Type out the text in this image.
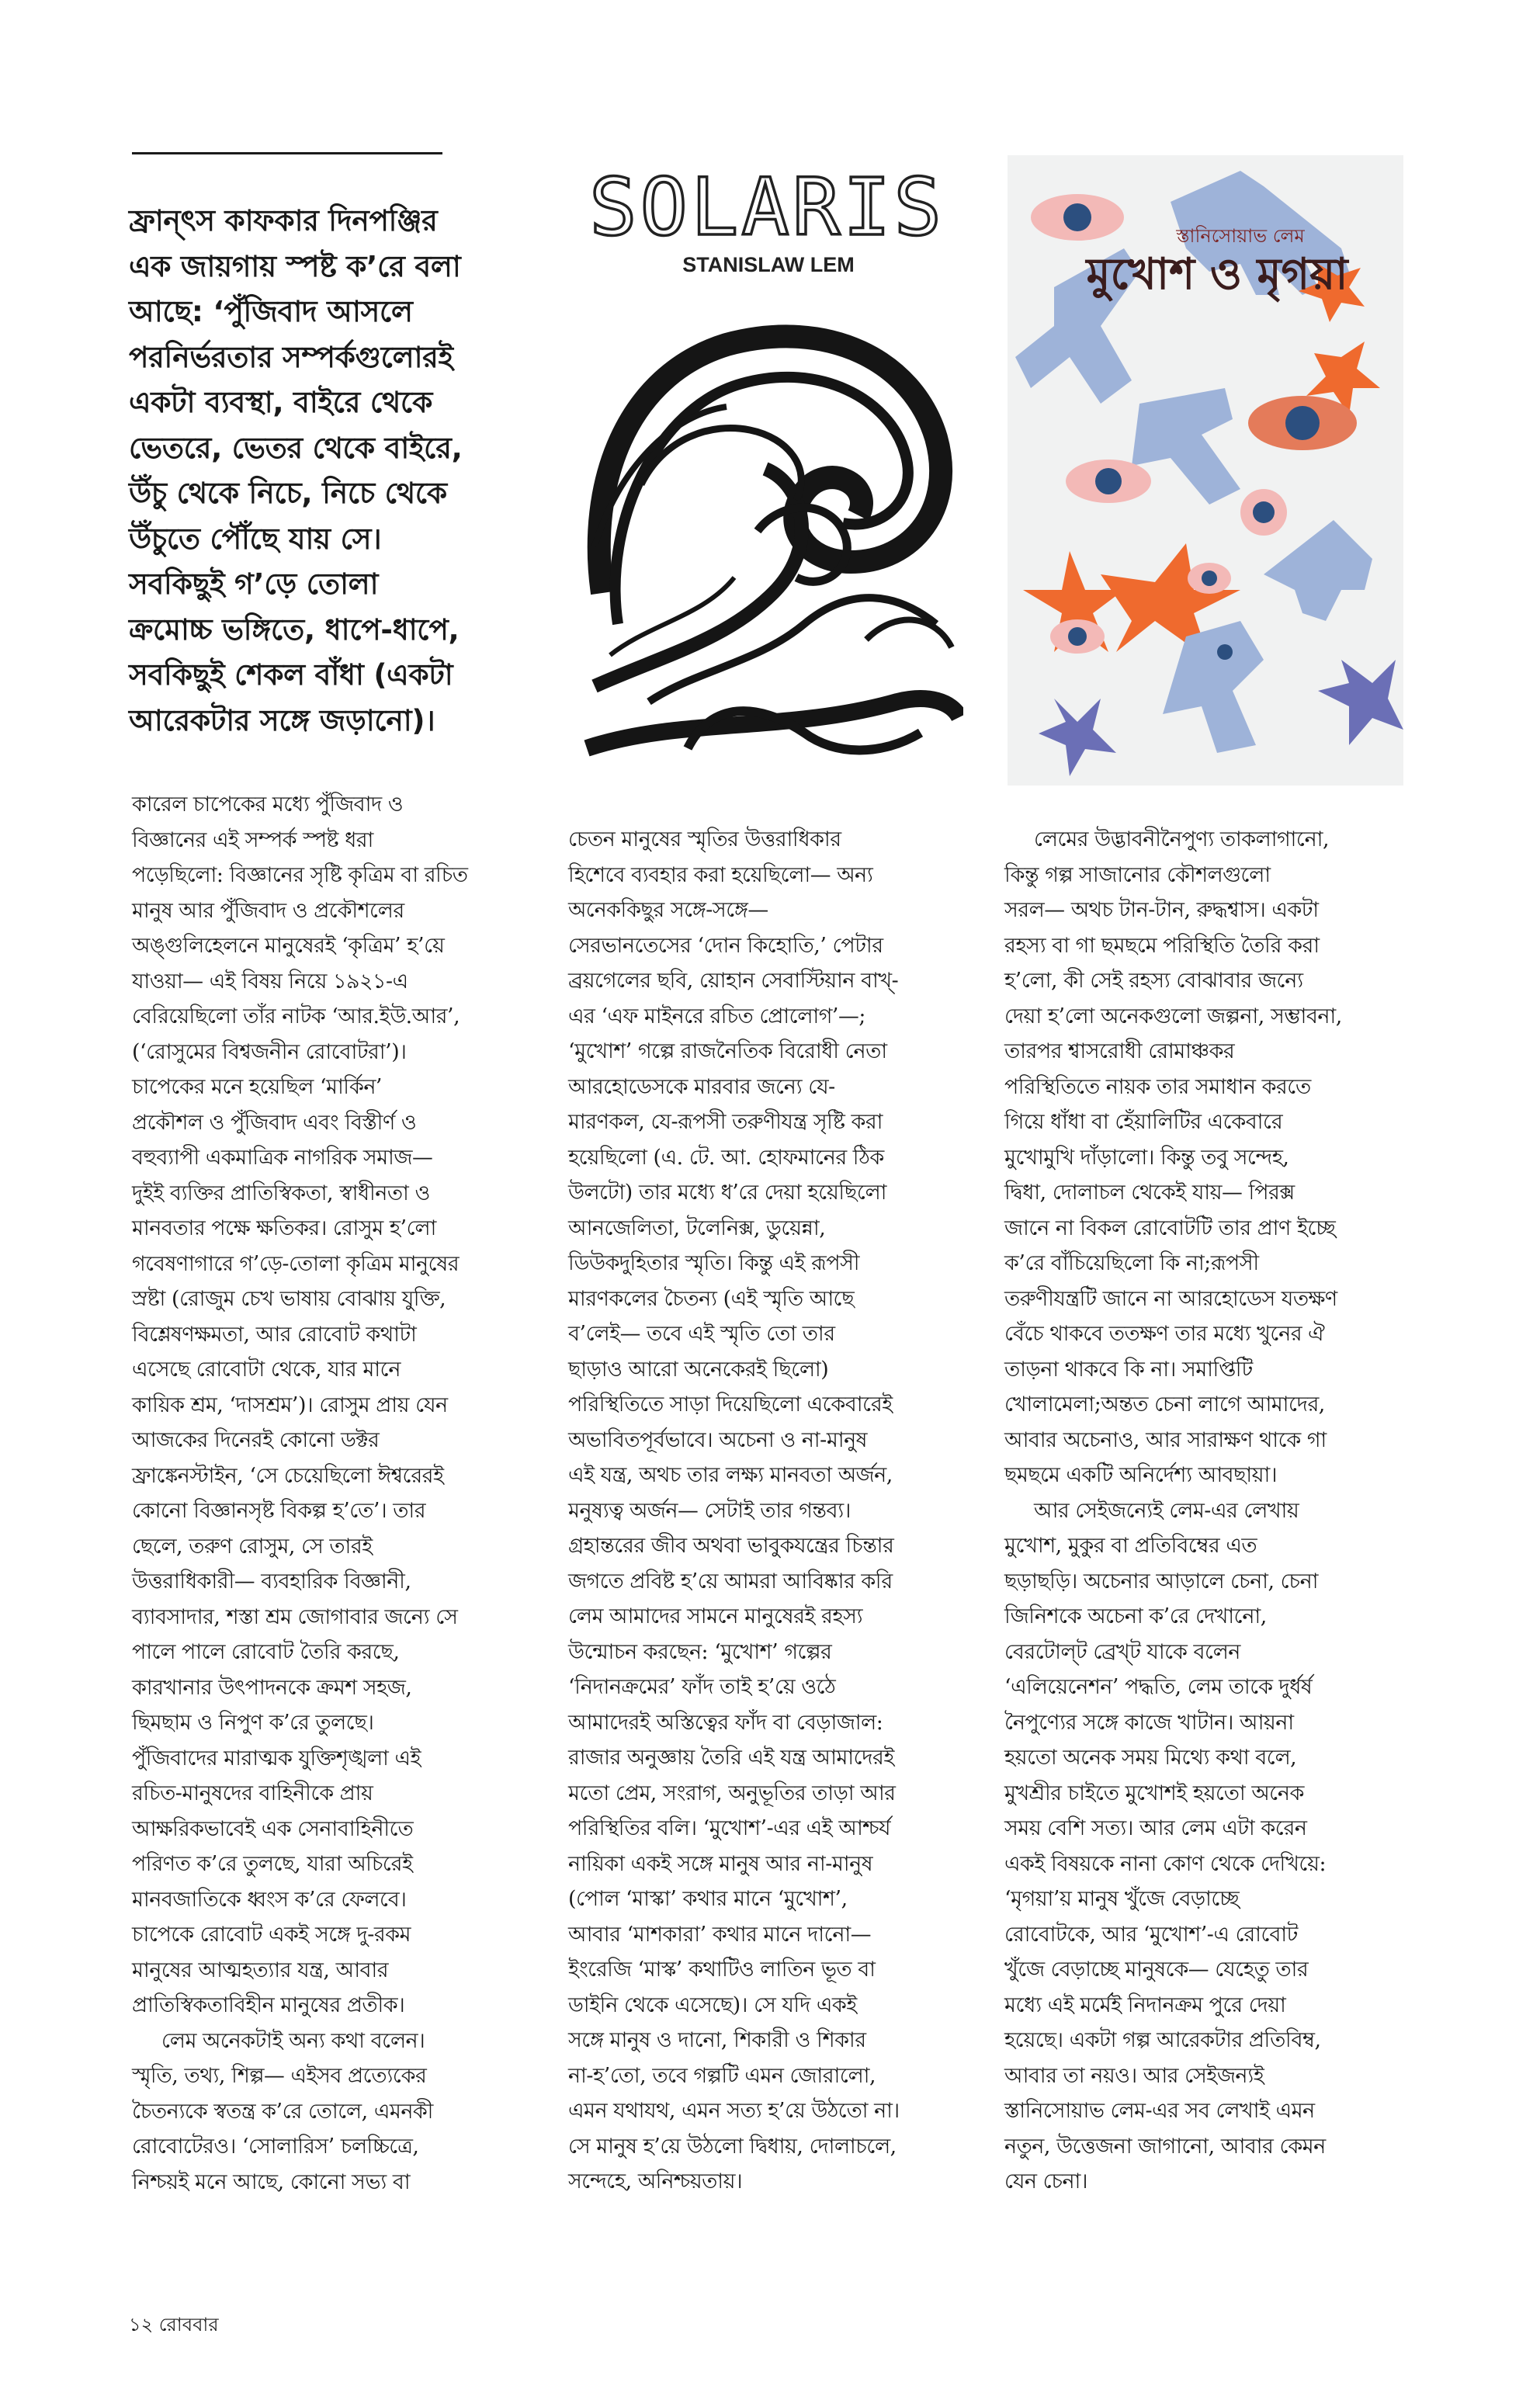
ফ্রান্‌ৎস কাফকার দিনপঞ্জির
এক জায়গায় স্পষ্ট ক’রে বলা
আছে: ‘পুঁজিবাদ আসলে
পরনির্ভরতার সম্পর্কগুলোরই
একটা ব্যবস্থা, বাইরে থেকে
ভেতরে, ভেতর থেকে বাইরে,
উঁচু থেকে নিচে, নিচে থেকে
উঁচুতে পৌঁছে যায় সে।
সবকিছুই গ’ড়ে তোলা
ক্রমোচ্চ ভঙ্গিতে, ধাপে-ধাপে,
সবকিছুই শেকল বাঁধা (একটা
আরেকটার সঙ্গে জড়ানো)।

SOLARIS
STANISLAW LEM
স্তানিসোয়াভ লেম
মুখোশ ও মৃগয়া

কারেল চাপেকের মধ্যে পুঁজিবাদ ও
বিজ্ঞানের এই সম্পর্ক স্পষ্ট ধরা
পড়েছিলো: বিজ্ঞানের সৃষ্টি কৃত্রিম বা রচিত
মানুষ আর পুঁজিবাদ ও প্রকৌশলের
অঙ্গুলিহেলনে মানুষেরই ‘কৃত্রিম’ হ’য়ে
যাওয়া— এই বিষয় নিয়ে ১৯২১-এ
বেরিয়েছিলো তাঁর নাটক ‘আর.ইউ.আর’,
(‘রোসুমের বিশ্বজনীন রোবোটরা’)।
চাপেকের মনে হয়েছিল ‘মার্কিন’
প্রকৌশল ও পুঁজিবাদ এবং বিস্তীর্ণ ও
বহুব্যাপী একমাত্রিক নাগরিক সমাজ—
দুইই ব্যক্তির প্রাতিস্বিকতা, স্বাধীনতা ও
মানবতার পক্ষে ক্ষতিকর। রোসুম হ’লো
গবেষণাগারে গ’ড়ে-তোলা কৃত্রিম মানুষের
স্রষ্টা (রোজুম চেখ ভাষায় বোঝায় যুক্তি,
বিশ্লেষণক্ষমতা, আর রোবোট কথাটা
এসেছে রোবোটা থেকে, যার মানে
কায়িক শ্রম, ‘দাসশ্রম’)। রোসুম প্রায় যেন
আজকের দিনেরই কোনো ডক্টর
ফ্রাঙ্কেনস্টাইন, ‘সে চেয়েছিলো ঈশ্বরেরই
কোনো বিজ্ঞানসৃষ্ট বিকল্প হ’তে’। তার
ছেলে, তরুণ রোসুম, সে তারই
উত্তরাধিকারী— ব্যবহারিক বিজ্ঞানী,
ব্যাবসাদার, শস্তা শ্রম জোগাবার জন্যে সে
পালে পালে রোবোট তৈরি করছে,
কারখানার উৎপাদনকে ক্রমশ সহজ,
ছিমছাম ও নিপুণ ক’রে তুলছে।
পুঁজিবাদের মারাত্মক যুক্তিশৃঙ্খলা এই
রচিত-মানুষদের বাহিনীকে প্রায়
আক্ষরিকভাবেই এক সেনাবাহিনীতে
পরিণত ক’রে তুলছে, যারা অচিরেই
মানবজাতিকে ধ্বংস ক’রে ফেলবে।
চাপেকে রোবোট একই সঙ্গে দু-রকম
মানুষের আত্মহত্যার যন্ত্র, আবার
প্রাতিস্বিকতাবিহীন মানুষের প্রতীক।

লেম অনেকটাই অন্য কথা বলেন।
স্মৃতি, তথ্য, শিল্প— এইসব প্রত্যেকের
চৈতন্যকে স্বতন্ত্র ক’রে তোলে, এমনকী
রোবোটেরও। ‘সোলারিস’ চলচ্চিত্রে,
নিশ্চয়ই মনে আছে, কোনো সভ্য বা

চেতন মানুষের স্মৃতির উত্তরাধিকার
হিশেবে ব্যবহার করা হয়েছিলো— অন্য
অনেককিছুর সঙ্গে-সঙ্গে—
সেরভানতেসের ‘দোন কিহোতি,’ পেটার
ব্রয়গেলের ছবি, য়োহান সেবাস্টিয়ান বাখ্‌-
এর ‘এফ মাইনরে রচিত প্রোলোগ’—;
‘মুখোশ’ গল্পে রাজনৈতিক বিরোধী নেতা
আরহোডেসকে মারবার জন্যে যে-
মারণকল, যে-রূপসী তরুণীযন্ত্র সৃষ্টি করা
হয়েছিলো (এ. টে. আ. হোফমানের ঠিক
উলটো) তার মধ্যে ধ’রে দেয়া হয়েছিলো
আনজেলিতা, টলেনিক্স, ডুয়েন্না,
ডিউকদুহিতার স্মৃতি। কিন্তু এই রূপসী
মারণকলের চৈতন্য (এই স্মৃতি আছে
ব’লেই— তবে এই স্মৃতি তো তার
ছাড়াও আরো অনেকেরই ছিলো)
পরিস্থিতিতে সাড়া দিয়েছিলো একেবারেই
অভাবিতপূর্বভাবে। অচেনা ও না-মানুষ
এই যন্ত্র, অথচ তার লক্ষ্য মানবতা অর্জন,
মনুষ্যত্ব অর্জন— সেটাই তার গন্তব্য।
গ্রহান্তরের জীব অথবা ভাবুকযন্ত্রের চিন্তার
জগতে প্রবিষ্ট হ’য়ে আমরা আবিষ্কার করি
লেম আমাদের সামনে মানুষেরই রহস্য
উন্মোচন করছেন: ‘মুখোশ’ গল্পের
‘নিদানক্রমের’ ফাঁদ তাই হ’য়ে ওঠে
আমাদেরই অস্তিত্বের ফাঁদ বা বেড়াজাল:
রাজার অনুজ্ঞায় তৈরি এই যন্ত্র আমাদেরই
মতো প্রেম, সংরাগ, অনুভূতির তাড়া আর
পরিস্থিতির বলি। ‘মুখোশ’-এর এই আশ্চর্য
নায়িকা একই সঙ্গে মানুষ আর না-মানুষ
(পোল ‘মাস্কা’ কথার মানে ‘মুখোশ’,
আবার ‘মাশকারা’ কথার মানে দানো—
ইংরেজি ‘মাস্ক’ কথাটিও লাতিন ভূত বা
ডাইনি থেকে এসেছে)। সে যদি একই
সঙ্গে মানুষ ও দানো, শিকারী ও শিকার
না-হ’তো, তবে গল্পটি এমন জোরালো,
এমন যথাযথ, এমন সত্য হ’য়ে উঠতো না।
সে মানুষ হ’য়ে উঠলো দ্বিধায়, দোলাচলে,
সন্দেহে, অনিশ্চয়তায়।

লেমের উদ্ভাবনীনৈপুণ্য তাকলাগানো,
কিন্তু গল্প সাজানোর কৌশলগুলো
সরল— অথচ টান-টান, রুদ্ধশ্বাস। একটা
রহস্য বা গা ছমছমে পরিস্থিতি তৈরি করা
হ’লো, কী সেই রহস্য বোঝাবার জন্যে
দেয়া হ’লো অনেকগুলো জল্পনা, সম্ভাবনা,
তারপর শ্বাসরোধী রোমাঞ্চকর
পরিস্থিতিতে নায়ক তার সমাধান করতে
গিয়ে ধাঁধা বা হেঁয়ালিটির একেবারে
মুখোমুখি দাঁড়ালো। কিন্তু তবু সন্দেহ,
দ্বিধা, দোলাচল থেকেই যায়— পিরক্স
জানে না বিকল রোবোটটি তার প্রাণ ইচ্ছে
ক’রে বাঁচিয়েছিলো কি না;রূপসী
তরুণীযন্ত্রটি জানে না আরহোডেস যতক্ষণ
বেঁচে থাকবে ততক্ষণ তার মধ্যে খুনের ঐ
তাড়না থাকবে কি না। সমাপ্তিটি
খোলামেলা;অন্তত চেনা লাগে আমাদের,
আবার অচেনাও, আর সারাক্ষণ থাকে গা
ছমছমে একটি অনির্দেশ্য আবছায়া।

আর সেইজন্যেই লেম-এর লেখায়
মুখোশ, মুকুর বা প্রতিবিম্বের এত
ছড়াছড়ি। অচেনার আড়ালে চেনা, চেনা
জিনিশকে অচেনা ক’রে দেখানো,
বেরটোল্‌ট ব্রেখ্‌ট যাকে বলেন
‘এলিয়েনেশন’ পদ্ধতি, লেম তাকে দুর্ধর্ষ
নৈপুণ্যের সঙ্গে কাজে খাটান। আয়না
হয়তো অনেক সময় মিথ্যে কথা বলে,
মুখশ্রীর চাইতে মুখোশই হয়তো অনেক
সময় বেশি সত্য। আর লেম এটা করেন
একই বিষয়কে নানা কোণ থেকে দেখিয়ে:
‘মৃগয়া’য় মানুষ খুঁজে বেড়াচ্ছে
রোবোটকে, আর ‘মুখোশ’-এ রোবোট
খুঁজে বেড়াচ্ছে মানুষকে— যেহেতু তার
মধ্যে এই মর্মেই নিদানক্রম পুরে দেয়া
হয়েছে। একটা গল্প আরেকটার প্রতিবিম্ব,
আবার তা নয়ও। আর সেইজন্যই
স্তানিসোয়াভ লেম-এর সব লেখাই এমন
নতুন, উত্তেজনা জাগানো, আবার কেমন
যেন চেনা।

১২ রোববার
